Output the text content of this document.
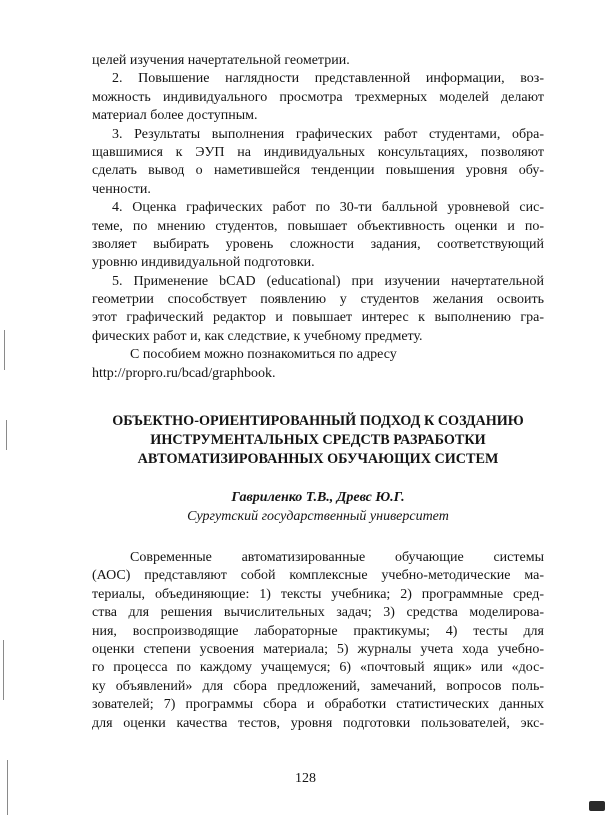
целей изучения начертательной геометрии.
2. Повышение наглядности представленной информации, воз-
можность индивидуального просмотра трехмерных моделей делают
материал более доступным.
3. Результаты выполнения графических работ студентами, обра-
щавшимися к ЭУП на индивидуальных консультациях, позволяют
сделать вывод о наметившейся тенденции повышения уровня обу-
ченности.
4. Оценка графических работ по 30-ти балльной уровневой сис-
теме, по мнению студентов, повышает объективность оценки и по-
зволяет выбирать уровень сложности задания, соответствующий
уровню индивидуальной подготовки.
5. Применение bCAD (educational) при изучении начертательной
геометрии способствует появлению у студентов желания освоить
этот графический редактор и повышает интерес к выполнению гра-
фических работ и, как следствие, к учебному предмету.
С пособием можно познакомиться по адресу
http://propro.ru/bcad/graphbook.
ОБЪЕКТНО-ОРИЕНТИРОВАННЫЙ ПОДХОД К СОЗДАНИЮ
ИНСТРУМЕНТАЛЬНЫХ СРЕДСТВ РАЗРАБОТКИ
АВТОМАТИЗИРОВАННЫХ ОБУЧАЮЩИХ СИСТЕМ
Гавриленко Т.В., Древс Ю.Г.
Сургутский государственный университет
Современные автоматизированные обучающие системы
(АОС) представляют собой комплексные учебно-методические ма-
териалы, объединяющие: 1) тексты учебника; 2) программные сред-
ства для решения вычислительных задач; 3) средства моделирова-
ния, воспроизводящие лабораторные практикумы; 4) тесты для
оценки степени усвоения материала; 5) журналы учета хода учебно-
го процесса по каждому учащемуся; 6) «почтовый ящик» или «дос-
ку объявлений» для сбора предложений, замечаний, вопросов поль-
зователей; 7) программы сбора и обработки статистических данных
для оценки качества тестов, уровня подготовки пользователей, экс-
128
